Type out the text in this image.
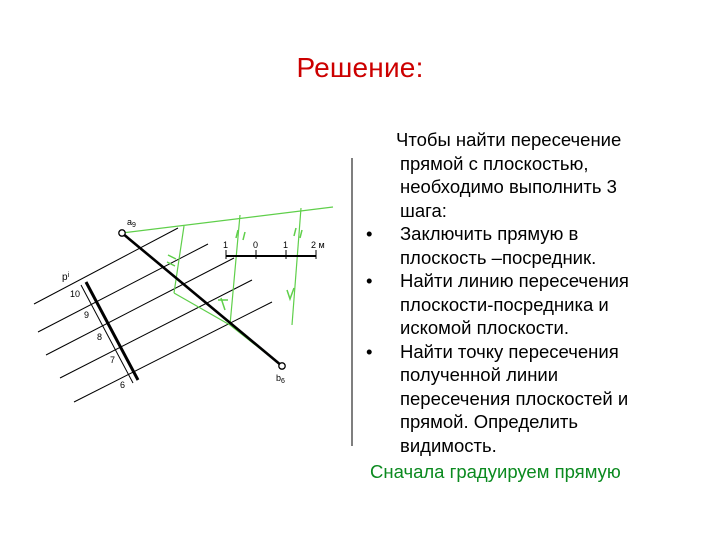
Решение:
$p^i$
10
9
8
7
6
$a_9$
$b_6$
1	0	1	2 м

Чтобы найти пересечение прямой с плоскостью, необходимо выполнить 3 шага:

• Заключить прямую в плоскость –посредник.
• Найти линию пересечения плоскости-посредника и искомой плоскости.
• Найти точку пересечения полученной линии пересечения плоскостей и прямой. Определить видимость.
Сначала градуируем прямую
